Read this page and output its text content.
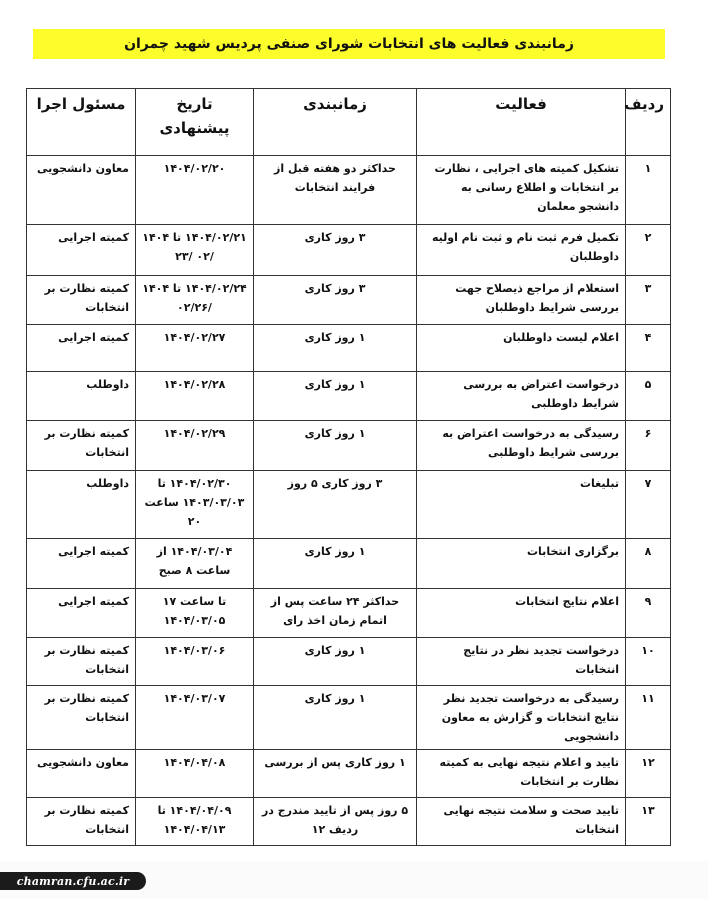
زمانبندی فعالیت های انتخابات شورای صنفی پردیس شهید چمران
ردیف	فعالیت	زمانبندی	تاریخ پیشنهادی	مسئول اجرا
۱	تشکیل کمیته های اجرایی ، نظارت بر انتخابات و اطلاع رسانی به دانشجو معلمان	حداکثر دو هفته قبل از فرایند انتخابات	۱۴۰۴/۰۲/۲۰	معاون دانشجویی
۲	تکمیل فرم ثبت نام و ثبت نام اولیه داوطلبان	۳ روز کاری	۱۴۰۴/۰۲/۲۱ تا ۱۴۰۴ /۰۲ /۲۳	کمیته اجرایی
۳	استعلام از مراجع ذیصلاح جهت بررسی شرایط داوطلبان	۳ روز کاری	۱۴۰۴/۰۲/۲۴ تا ۱۴۰۴ /۰۲/۲۶	کمیته نظارت بر انتخابات
۴	اعلام لیست داوطلبان	۱ روز کاری	۱۴۰۴/۰۲/۲۷	کمیته اجرایی
۵	درخواست اعتراض به بررسی شرایط داوطلبی	۱ روز کاری	۱۴۰۴/۰۲/۲۸	داوطلب
۶	رسیدگی به درخواست اعتراض به بررسی شرایط داوطلبی	۱ روز کاری	۱۴۰۴/۰۲/۲۹	کمیته نظارت بر انتخابات
۷	تبلیغات	۳ روز کاری ۵ روز	۱۴۰۴/۰۲/۳۰ تا ۱۴۰۳/۰۳/۰۳ ساعت ۲۰	داوطلب
۸	برگزاری انتخابات	۱ روز کاری	۱۴۰۴/۰۳/۰۴ از ساعت ۸ صبح	کمیته اجرایی
۹	اعلام نتایج انتخابات	حداکثر ۲۴ ساعت پس از اتمام زمان اخذ رای	تا ساعت ۱۷ ۱۴۰۴/۰۳/۰۵	کمیته اجرایی
۱۰	درخواست تجدید نظر در نتایج انتخابات	۱ روز کاری	۱۴۰۴/۰۳/۰۶	کمیته نظارت بر انتخابات
۱۱	رسیدگی به درخواست تجدید نظر نتایج انتخابات و گزارش به معاون دانشجویی	۱ روز کاری	۱۴۰۴/۰۳/۰۷	کمیته نظارت بر انتخابات
۱۲	تایید و اعلام نتیجه نهایی به کمیته نظارت بر انتخابات	۱ روز کاری پس از بررسی	۱۴۰۴/۰۴/۰۸	معاون دانشجویی
۱۳	تایید صحت و سلامت نتیجه نهایی انتخابات	۵ روز پس از تایید مندرج در ردیف ۱۲	۱۴۰۴/۰۴/۰۹ تا ۱۴۰۴/۰۴/۱۳	کمیته نظارت بر انتخابات
chamran.cfu.ac.ir
